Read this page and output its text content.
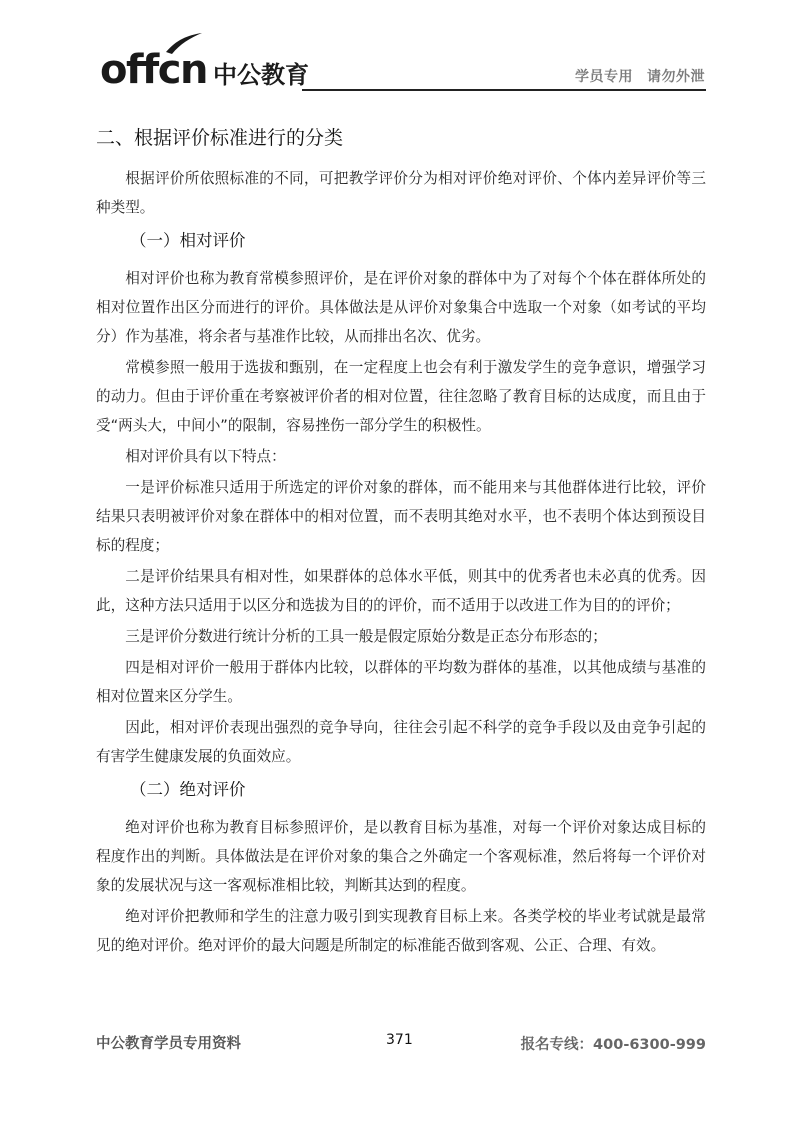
offcn 中公教育	学员专用 请勿外泄
二、根据评价标准进行的分类

根据评价所依照标准的不同，可把教学评价分为相对评价绝对评价、个体内差异评价等三种类型。

（一）相对评价

相对评价也称为教育常模参照评价，是在评价对象的群体中为了对每个个体在群体所处的相对位置作出区分而进行的评价。具体做法是从评价对象集合中选取一个对象（如考试的平均分）作为基准，将余者与基准作比较，从而排出名次、优劣。

常模参照一般用于选拔和甄别，在一定程度上也会有利于激发学生的竞争意识，增强学习的动力。但由于评价重在考察被评价者的相对位置，往往忽略了教育目标的达成度，而且由于受“两头大，中间小”的限制，容易挫伤一部分学生的积极性。

相对评价具有以下特点：

一是评价标准只适用于所选定的评价对象的群体，而不能用来与其他群体进行比较，评价结果只表明被评价对象在群体中的相对位置，而不表明其绝对水平，也不表明个体达到预设目标的程度；

二是评价结果具有相对性，如果群体的总体水平低，则其中的优秀者也未必真的优秀。因此，这种方法只适用于以区分和选拔为目的的评价，而不适用于以改进工作为目的的评价；

三是评价分数进行统计分析的工具一般是假定原始分数是正态分布形态的；

四是相对评价一般用于群体内比较，以群体的平均数为群体的基准，以其他成绩与基准的相对位置来区分学生。

因此，相对评价表现出强烈的竞争导向，往往会引起不科学的竞争手段以及由竞争引起的有害学生健康发展的负面效应。

（二）绝对评价

绝对评价也称为教育目标参照评价，是以教育目标为基准，对每一个评价对象达成目标的程度作出的判断。具体做法是在评价对象的集合之外确定一个客观标准，然后将每一个评价对象的发展状况与这一客观标准相比较，判断其达到的程度。

绝对评价把教师和学生的注意力吸引到实现教育目标上来。各类学校的毕业考试就是最常见的绝对评价。绝对评价的最大问题是所制定的标准能否做到客观、公正、合理、有效。

中公教育学员专用资料	371	报名专线：400-6300-999
